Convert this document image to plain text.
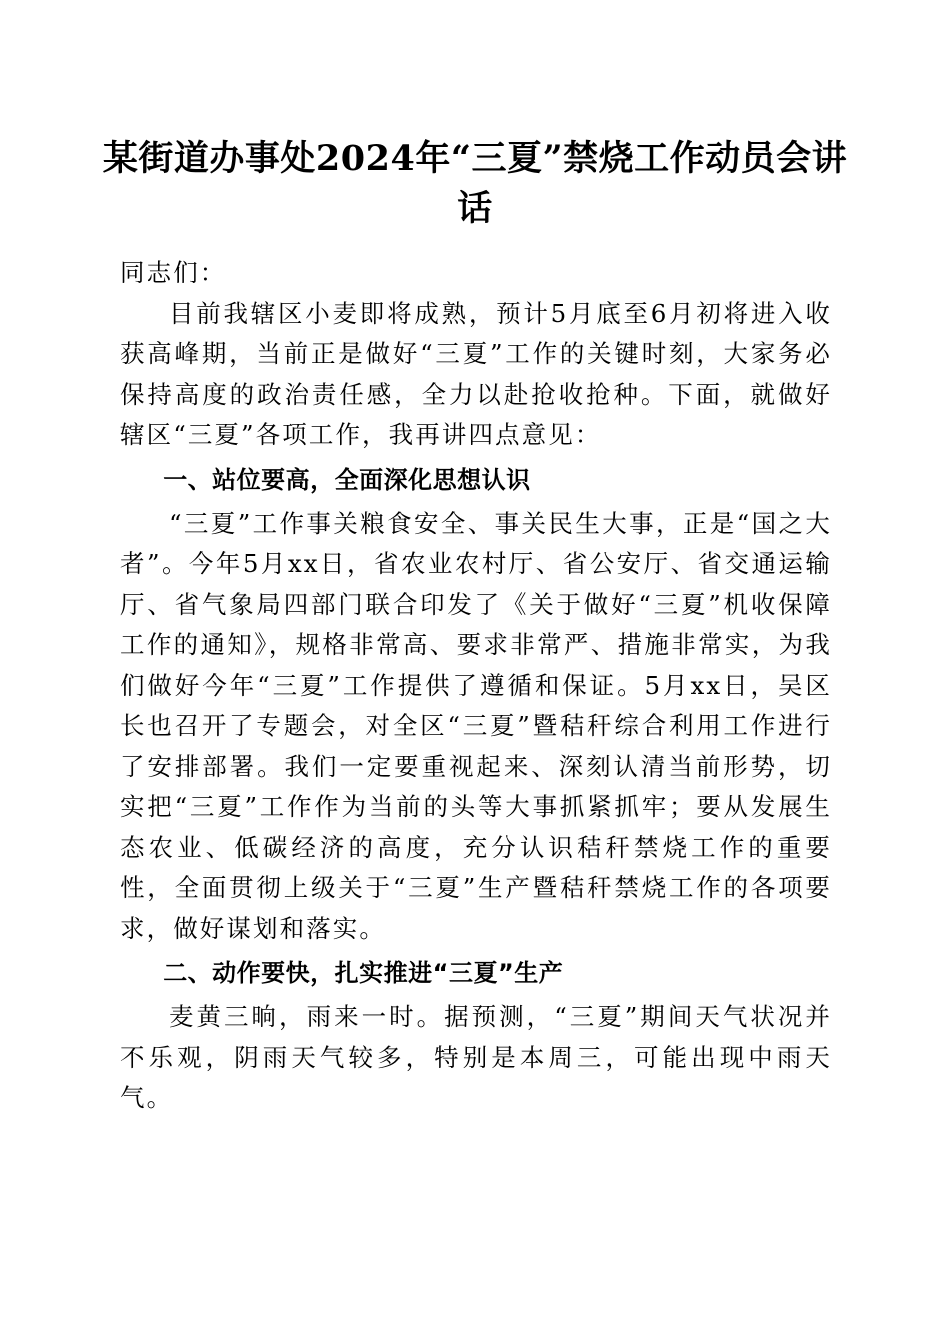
某街道办事处2024年“三夏”禁烧工作动员会讲话

同志们：

目前我辖区小麦即将成熟，预计5月底至6月初将进入收获高峰期，当前正是做好“三夏”工作的关键时刻，大家务必保持高度的政治责任感，全力以赴抢收抢种。下面，就做好辖区“三夏”各项工作，我再讲四点意见：

一、站位要高，全面深化思想认识

“三夏”工作事关粮食安全、事关民生大事，正是“国之大者”。今年5月xx日，省农业农村厅、省公安厅、省交通运输厅、省气象局四部门联合印发了《关于做好“三夏”机收保障工作的通知》，规格非常高、要求非常严、措施非常实，为我们做好今年“三夏”工作提供了遵循和保证。5月xx日，吴区长也召开了专题会，对全区“三夏”暨秸秆综合利用工作进行了安排部署。我们一定要重视起来、深刻认清当前形势，切实把“三夏”工作作为当前的头等大事抓紧抓牢；要从发展生态农业、低碳经济的高度，充分认识秸秆禁烧工作的重要性，全面贯彻上级关于“三夏”生产暨秸秆禁烧工作的各项要求，做好谋划和落实。

二、动作要快，扎实推进“三夏”生产

麦黄三晌，雨来一时。据预测，“三夏”期间天气状况并不乐观，阴雨天气较多，特别是本周三，可能出现中雨天气。
